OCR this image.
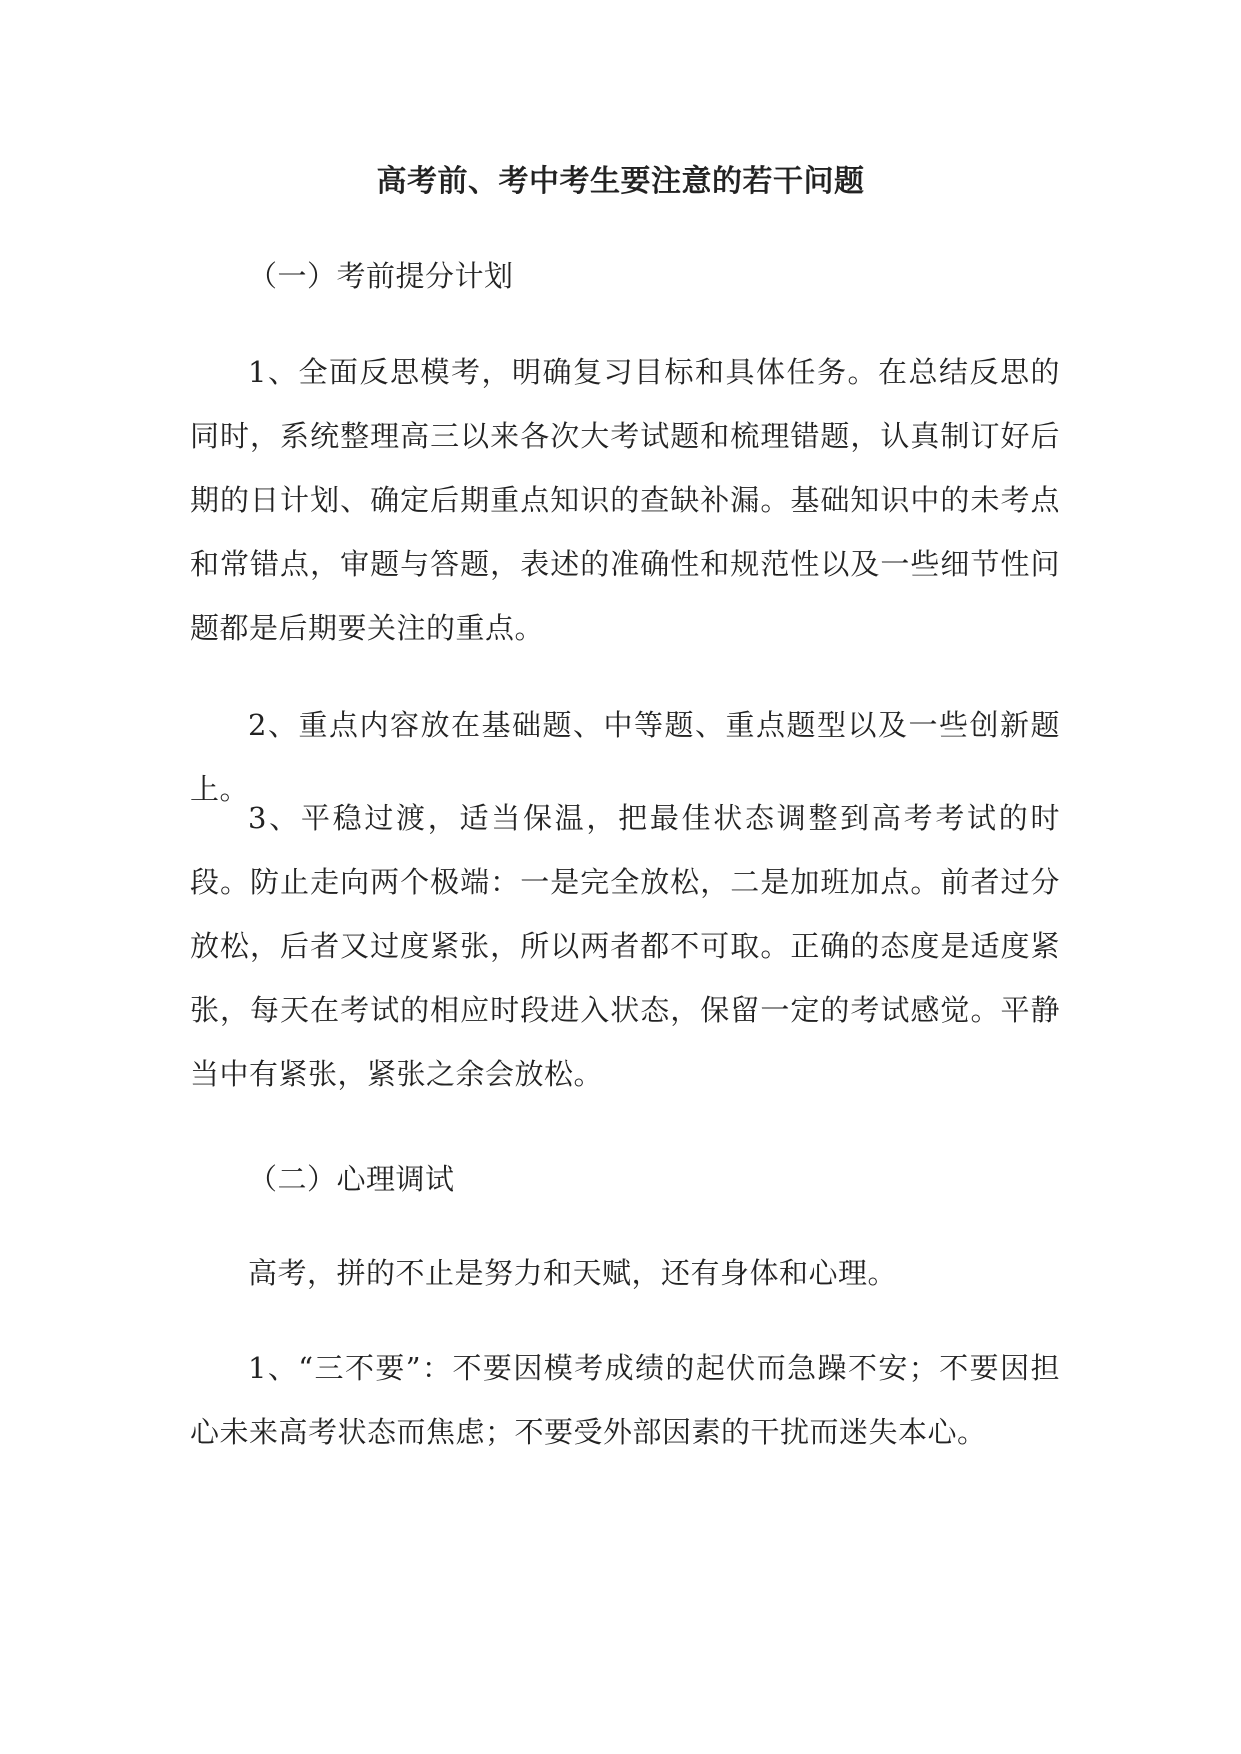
高考前、考中考生要注意的若干问题

（一）考前提分计划

1、全面反思模考，明确复习目标和具体任务。在总结反思的同时，系统整理高三以来各次大考试题和梳理错题，认真制订好后期的日计划、确定后期重点知识的查缺补漏。基础知识中的未考点和常错点，审题与答题，表述的准确性和规范性以及一些细节性问题都是后期要关注的重点。

2、重点内容放在基础题、中等题、重点题型以及一些创新题上。

3、平稳过渡，适当保温，把最佳状态调整到高考考试的时段。防止走向两个极端：一是完全放松，二是加班加点。前者过分放松，后者又过度紧张，所以两者都不可取。正确的态度是适度紧张，每天在考试的相应时段进入状态，保留一定的考试感觉。平静当中有紧张，紧张之余会放松。

（二）心理调试

高考，拼的不止是努力和天赋，还有身体和心理。

1、“三不要”：不要因模考成绩的起伏而急躁不安；不要因担心未来高考状态而焦虑；不要受外部因素的干扰而迷失本心。
